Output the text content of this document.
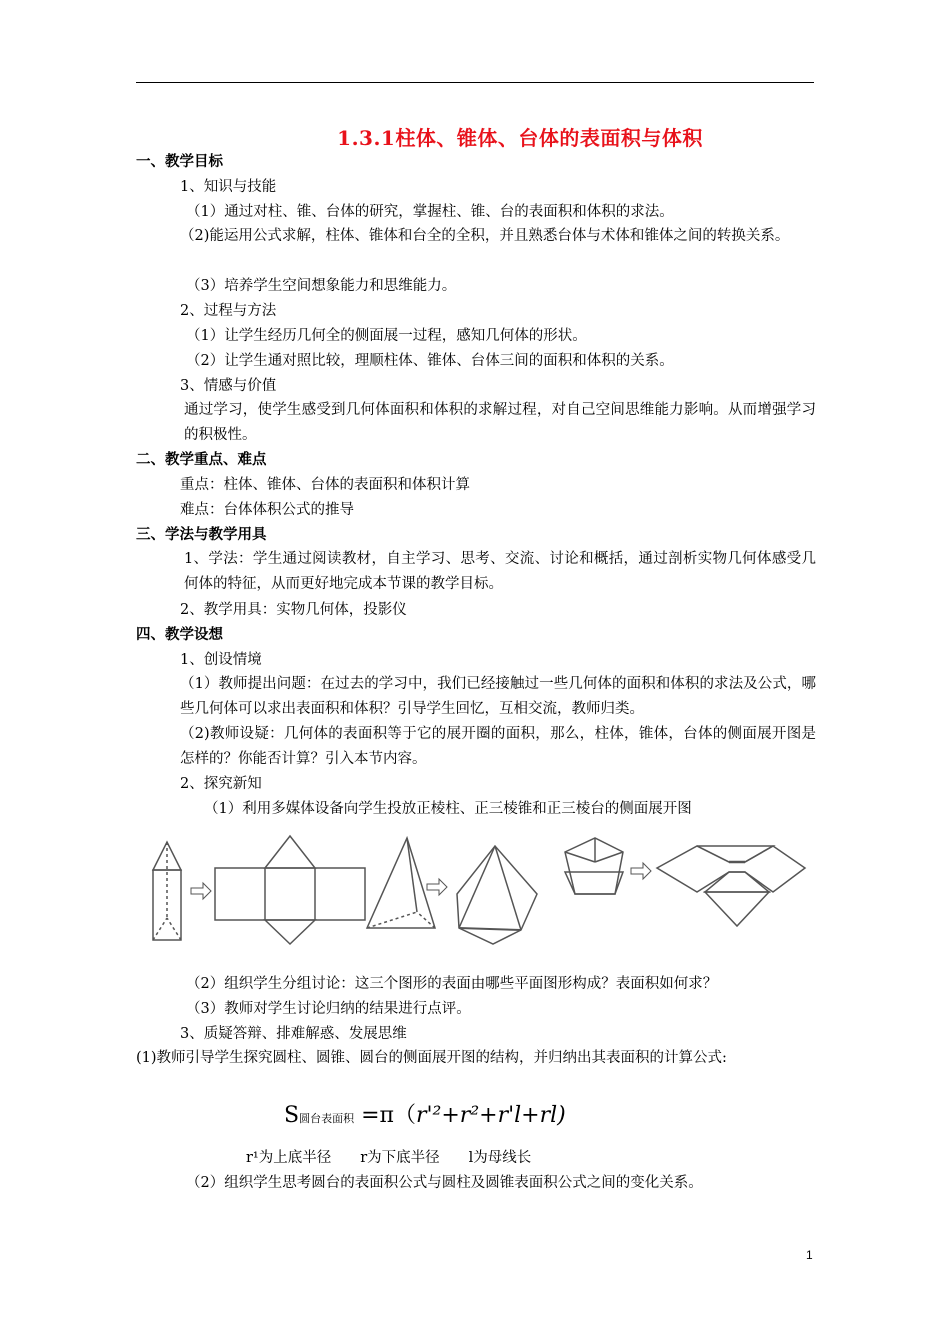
1.3.1柱体、锥体、台体的表面积与体积
一、教学目标
1、知识与技能
（1）通过对柱、锥、台体的研究，掌握柱、锥、台的表面积和体积的求法。
（2)能运用公式求解，柱体、锥体和台全的全积，并且熟悉台体与术体和锥体之间的转换关系。
（3）培养学生空间想象能力和思维能力。
2、过程与方法
（1）让学生经历几何全的侧面展一过程，感知几何体的形状。
（2）让学生通对照比较，理顺柱体、锥体、台体三间的面积和体积的关系。
3、情感与价值
通过学习，使学生感受到几何体面积和体积的求解过程，对自己空间思维能力影响。从而增强学习的积极性。
二、教学重点、难点
重点：柱体、锥体、台体的表面积和体积计算
难点：台体体积公式的推导
三、学法与教学用具
1、学法：学生通过阅读教材，自主学习、思考、交流、讨论和概括，通过剖析实物几何体感受几何体的特征，从而更好地完成本节课的教学目标。
2、教学用具：实物几何体，投影仪
四、教学设想
1、创设情境
（1）教师提出问题：在过去的学习中，我们已经接触过一些几何体的面积和体积的求法及公式，哪些几何体可以求出表面积和体积？引导学生回忆，互相交流，教师归类。
（2)教师设疑：几何体的表面积等于它的展开圈的面积，那么，柱体，锥体，台体的侧面展开图是怎样的？你能否计算？引入本节内容。
2、探究新知
（1）利用多媒体设备向学生投放正棱柱、正三棱锥和正三棱台的侧面展开图
（2）组织学生分组讨论：这三个图形的表面由哪些平面图形构成？表面积如何求？
（3）教师对学生讨论归纳的结果进行点评。
3、质疑答辩、排难解惑、发展思维
(1)教师引导学生探究圆柱、圆锥、圆台的侧面展开图的结构，并归纳出其表面积的计算公式:
S圆台表面积 =π（r'²+r²+r'l+rl)
r¹为上底半径　　r为下底半径　　l为母线长
（2）组织学生思考圆台的表面积公式与圆柱及圆锥表面积公式之间的变化关系。
1
